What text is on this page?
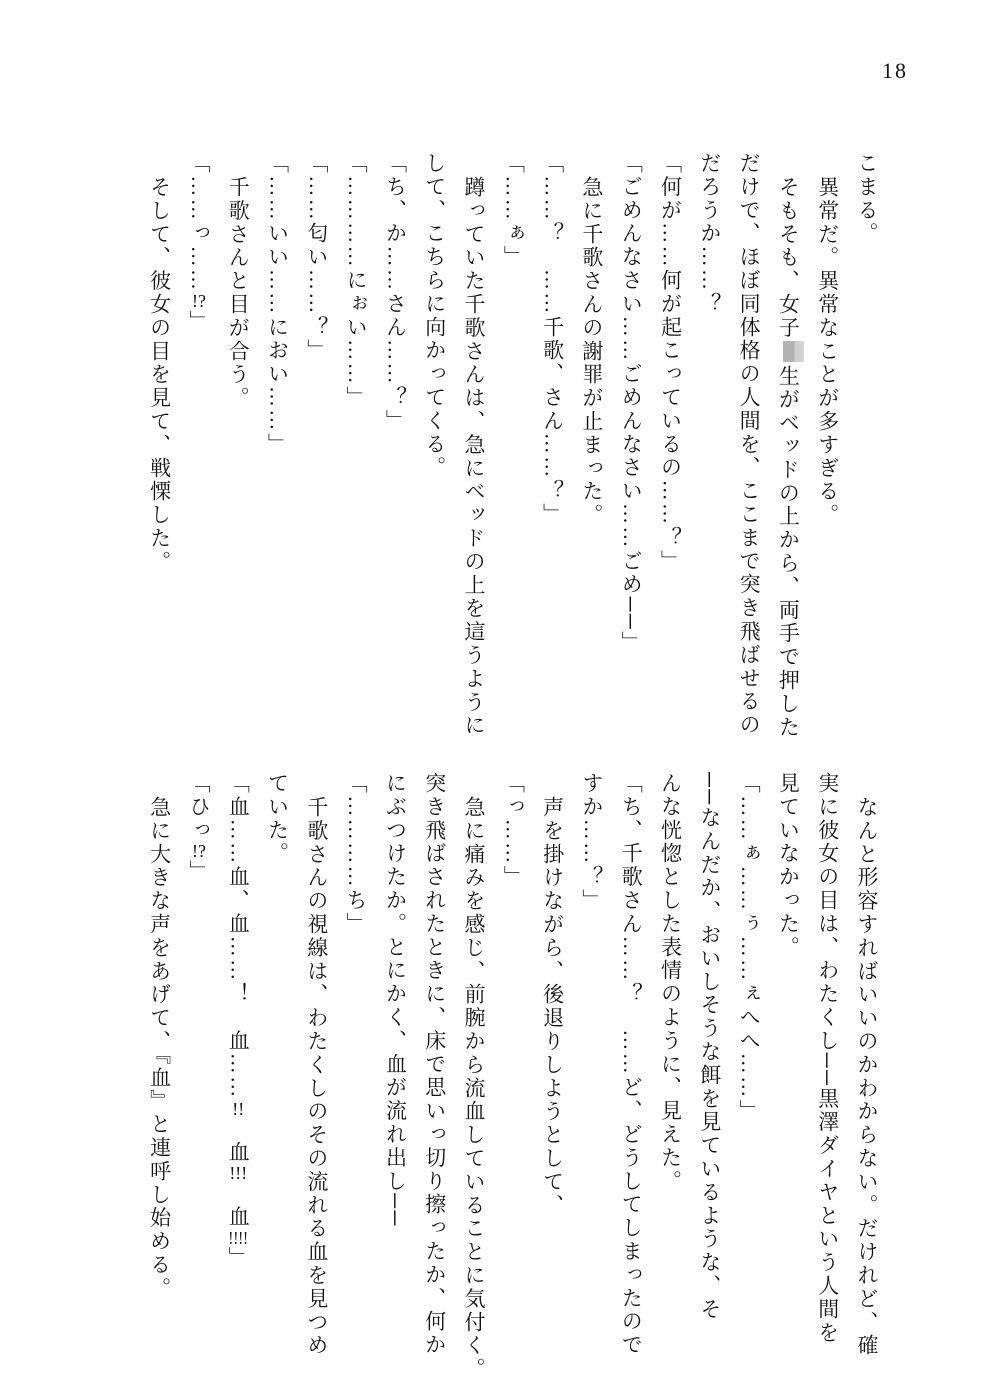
18

こまる。

異常だ。異常なことが多すぎる。

そもそも、女子生がベッドの上から、両手で押した

だけで、ほぼ同体格の人間を、ここまで突き飛ばせるの

だろうか……？

「何が……何が起こっているの……？」

「ごめんなさい……ごめんなさい……ごめ──」

急に千歌さんの謝罪が止まった。

「……？　……千歌、さん……？」

「……ぁ」

蹲っていた千歌さんは、急にベッドの上を這うように

して、こちらに向かってくる。

「ち、か……さん……？」

「…………にぉい……」

「……匂い……？」

「……いい……におい……」

千歌さんと目が合う。

「……っ……!?」

そして、彼女の目を見て、戦慄した。

なんと形容すればいいのかわからない。だけれど、確

実に彼女の目は、わたくし──黒澤ダイヤという人間を

見ていなかった。

「……ぁ……ぅ……ぇへへ……」

──なんだか、おいしそうな餌を見ているような、そ

んな恍惚とした表情のように、見えた。

「ち、千歌さん……？　……ど、どうしてしまったので

すか……？」

声を掛けながら、後退りしようとして、

「っ……」

急に痛みを感じ、前腕から流血していることに気付く。

突き飛ばされたときに、床で思いっ切り擦ったか、何か

にぶつけたか。とにかく、血が流れ出し──

「…………ち」

千歌さんの視線は、わたくしのその流れる血を見つめ

ていた。

「血……血、血……！　血……!!　血!!!　血!!!!」

「ひっ!?」

急に大きな声をあげて、『血』と連呼し始める。
